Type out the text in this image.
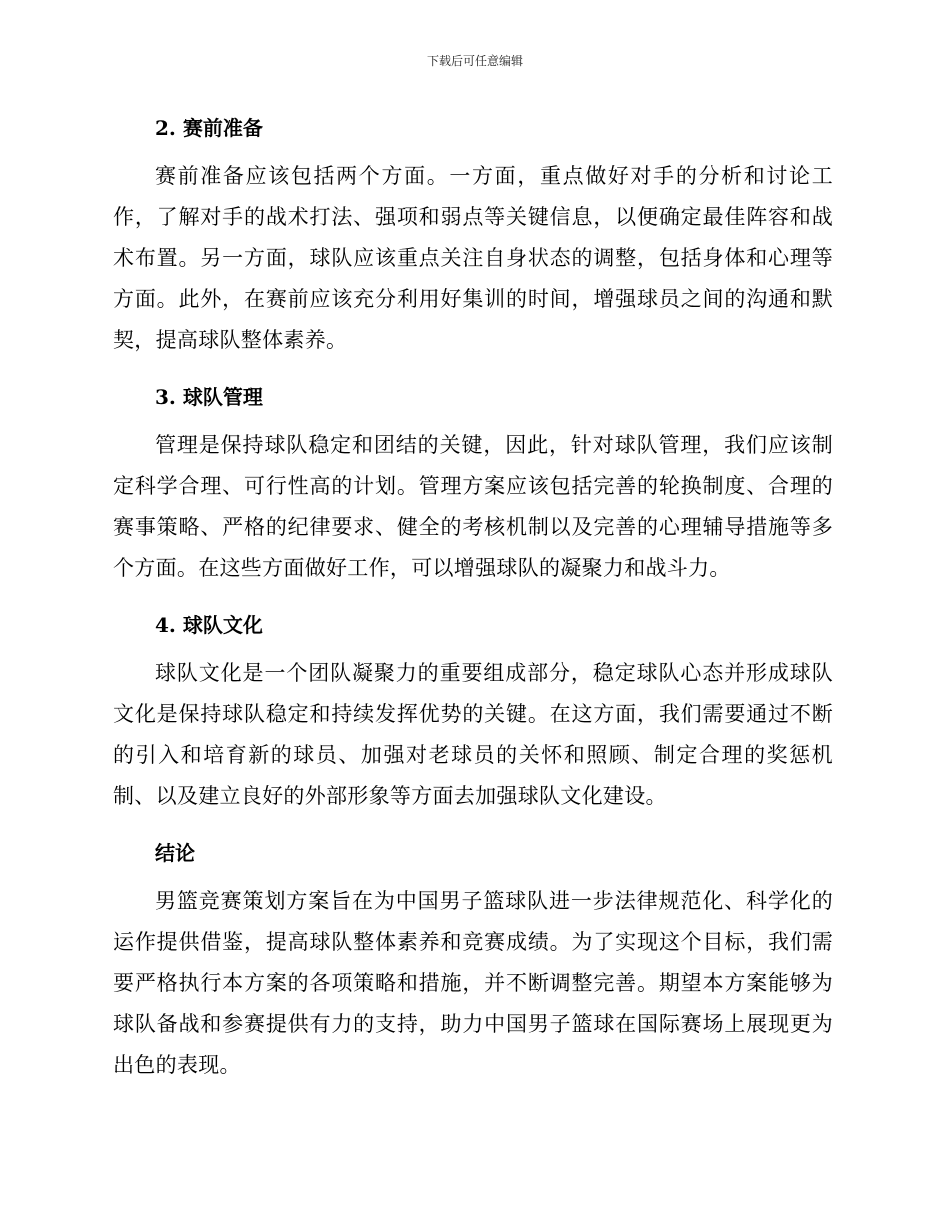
下载后可任意编辑
2. 赛前准备

赛前准备应该包括两个方面。一方面，重点做好对手的分析和讨论工作，了解对手的战术打法、强项和弱点等关键信息，以便确定最佳阵容和战术布置。另一方面，球队应该重点关注自身状态的调整，包括身体和心理等方面。此外，在赛前应该充分利用好集训的时间，增强球员之间的沟通和默契，提高球队整体素养。

3. 球队管理

管理是保持球队稳定和团结的关键，因此，针对球队管理，我们应该制定科学合理、可行性高的计划。管理方案应该包括完善的轮换制度、合理的赛事策略、严格的纪律要求、健全的考核机制以及完善的心理辅导措施等多个方面。在这些方面做好工作，可以增强球队的凝聚力和战斗力。

4. 球队文化

球队文化是一个团队凝聚力的重要组成部分，稳定球队心态并形成球队文化是保持球队稳定和持续发挥优势的关键。在这方面，我们需要通过不断的引入和培育新的球员、加强对老球员的关怀和照顾、制定合理的奖惩机制、以及建立良好的外部形象等方面去加强球队文化建设。

结论

男篮竞赛策划方案旨在为中国男子篮球队进一步法律规范化、科学化的运作提供借鉴，提高球队整体素养和竞赛成绩。为了实现这个目标，我们需要严格执行本方案的各项策略和措施，并不断调整完善。期望本方案能够为球队备战和参赛提供有力的支持，助力中国男子篮球在国际赛场上展现更为出色的表现。
